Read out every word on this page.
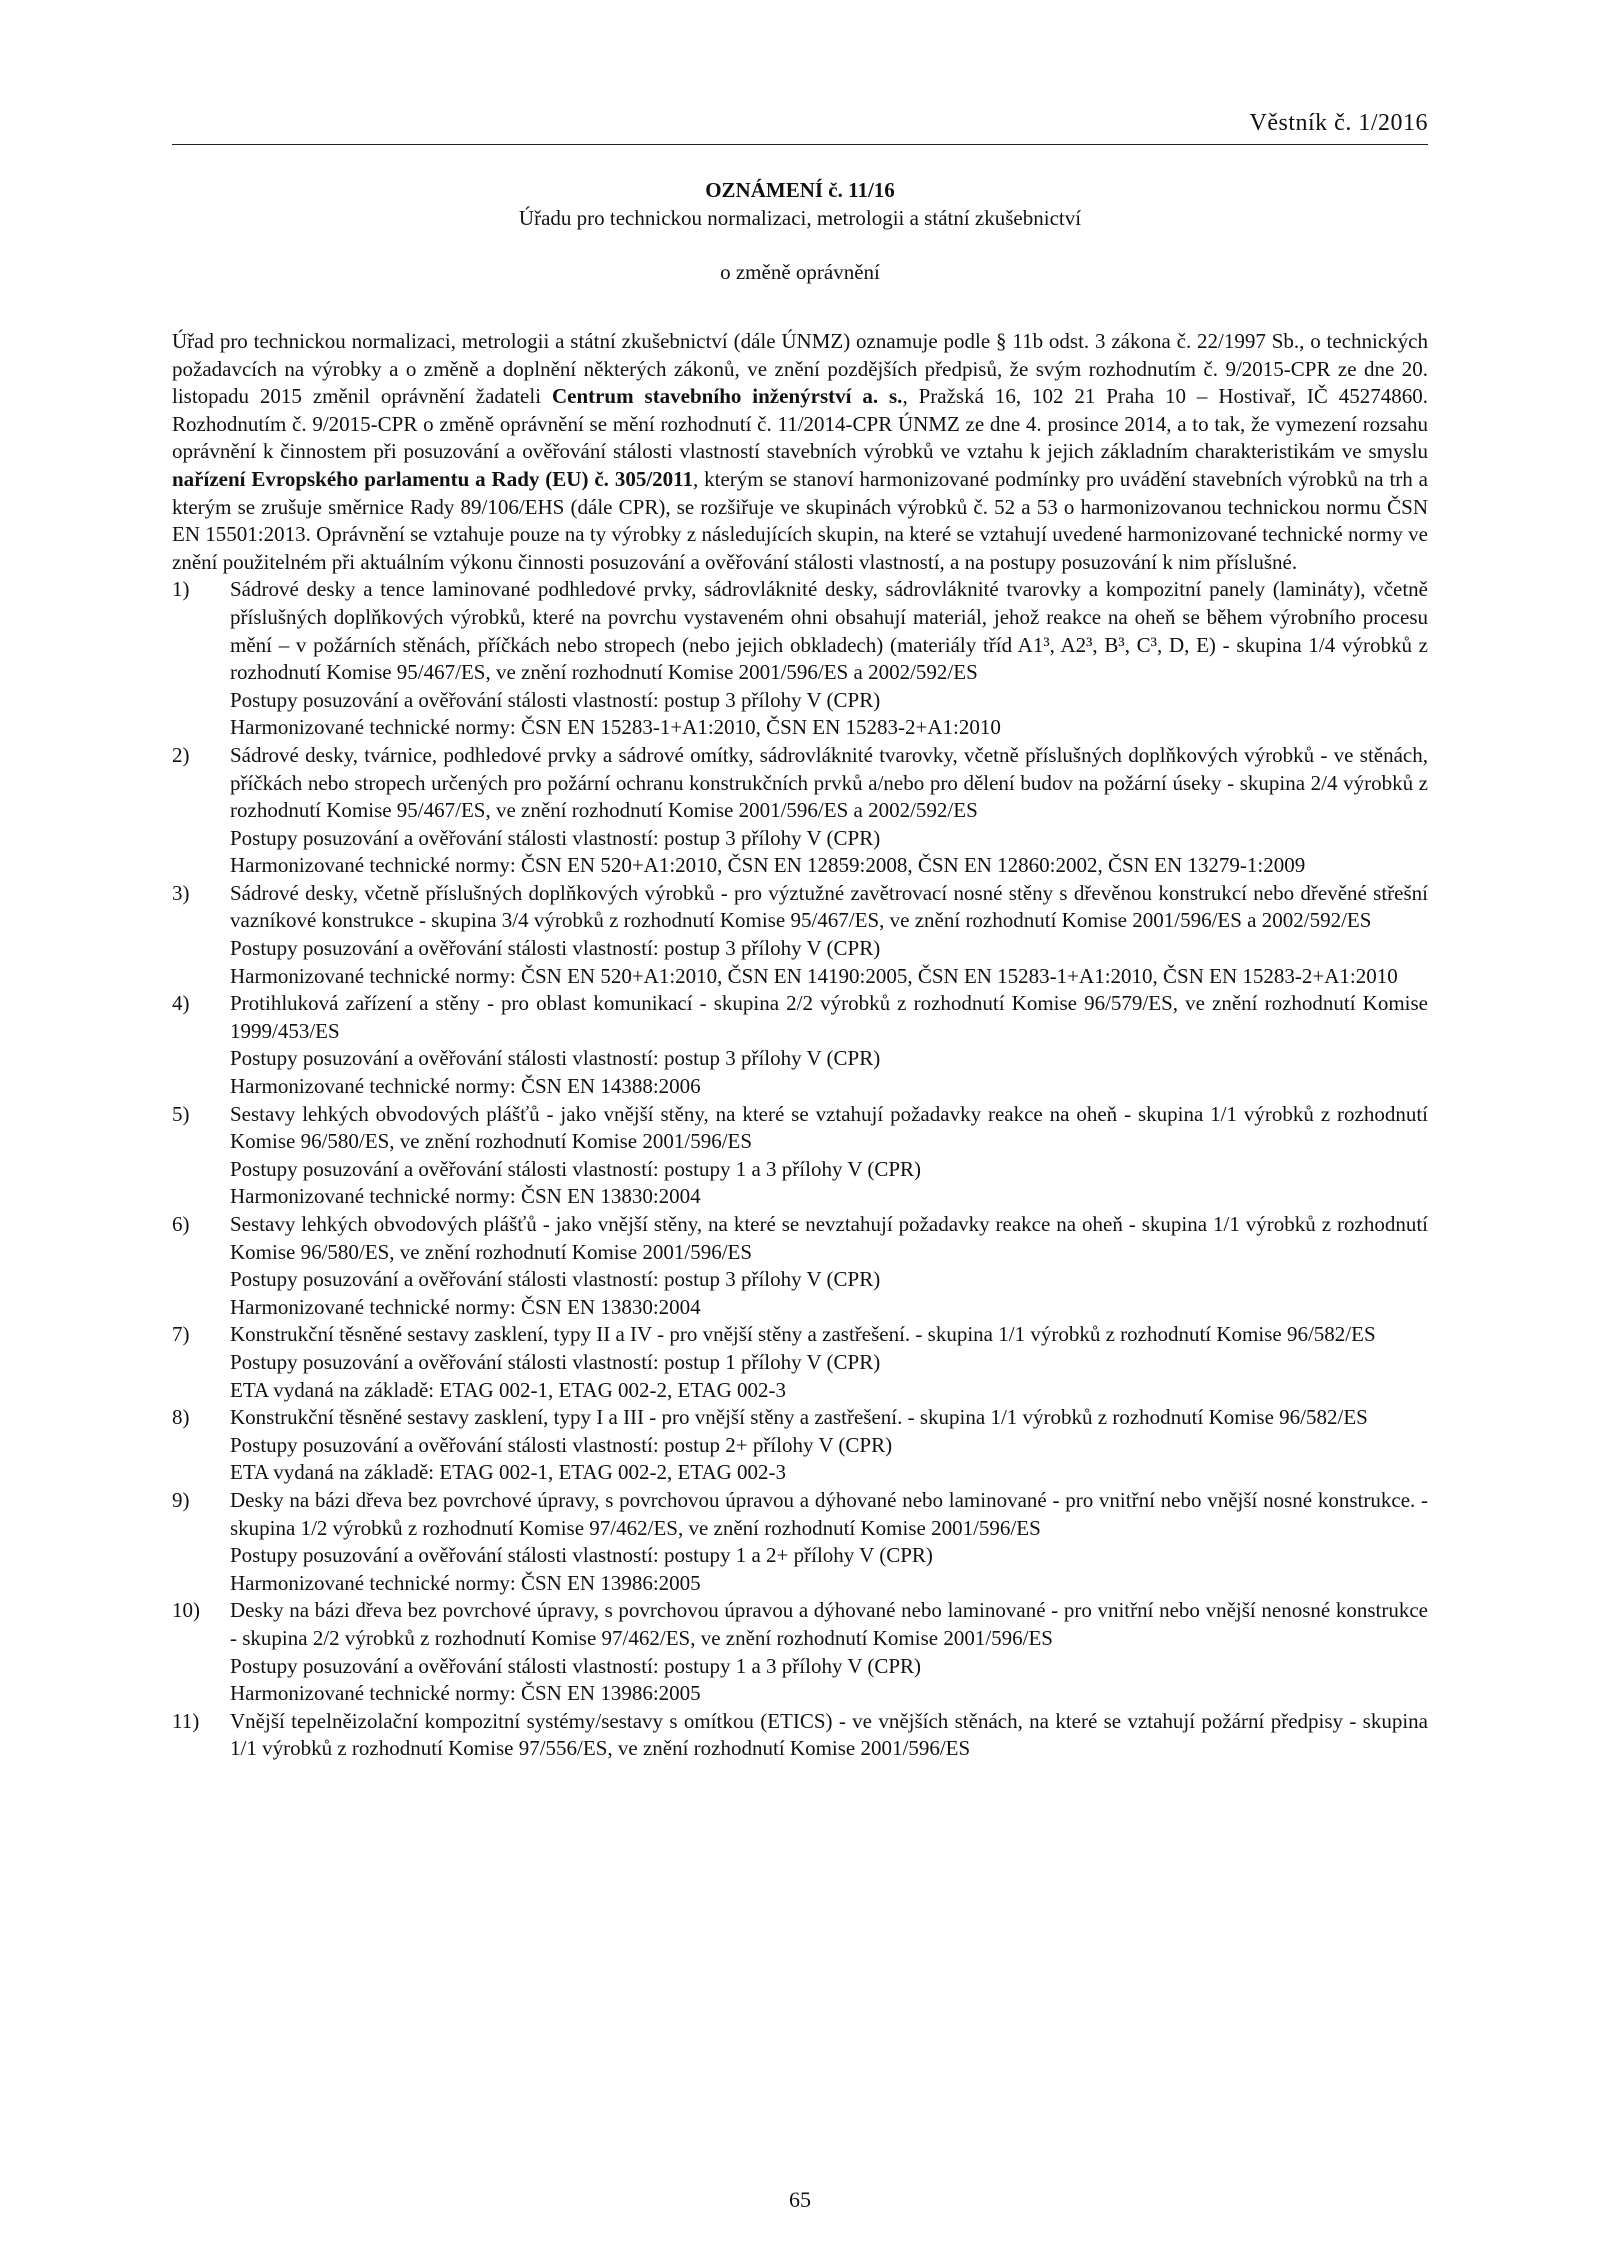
Věstník č. 1/2016
OZNÁMENÍ č. 11/16
Úřadu pro technickou normalizaci, metrologii a státní zkušebnictví
o změně oprávnění

Úřad pro technickou normalizaci, metrologii a státní zkušebnictví (dále ÚNMZ) oznamuje podle § 11b odst. 3 zákona č. 22/1997 Sb., o technických požadavcích na výrobky a o změně a doplnění některých zákonů, ve znění pozdějších předpisů, že svým rozhodnutím č. 9/2015-CPR ze dne 20. listopadu 2015 změnil oprávnění žadateli Centrum stavebního inženýrství a. s., Pražská 16, 102 21 Praha 10 – Hostivař, IČ 45274860. Rozhodnutím č. 9/2015-CPR o změně oprávnění se mění rozhodnutí č. 11/2014-CPR ÚNMZ ze dne 4. prosince 2014, a to tak, že vymezení rozsahu oprávnění k činnostem při posuzování a ověřování stálosti vlastností stavebních výrobků ve vztahu k jejich základním charakteristikám ve smyslu nařízení Evropského parlamentu a Rady (EU) č. 305/2011, kterým se stanoví harmonizované podmínky pro uvádění stavebních výrobků na trh a kterým se zrušuje směrnice Rady 89/106/EHS (dále CPR), se rozšiřuje ve skupinách výrobků č. 52 a 53 o harmonizovanou technickou normu ČSN EN 15501:2013. Oprávnění se vztahuje pouze na ty výrobky z následujících skupin, na které se vztahují uvedené harmonizované technické normy ve znění použitelném při aktuálním výkonu činnosti posuzování a ověřování stálosti vlastností, a na postupy posuzování k nim příslušné.

1) Sádrové desky a tence laminované podhledové prvky, sádrovláknité desky, sádrovláknité tvarovky a kompozitní panely (lamináty), včetně příslušných doplňkových výrobků, které na povrchu vystaveném ohni obsahují materiál, jehož reakce na oheň se během výrobního procesu mění – v požárních stěnách, příčkách nebo stropech (nebo jejich obkladech) (materiály tříd A1³, A2³, B³, C³, D, E) - skupina 1/4 výrobků z rozhodnutí Komise 95/467/ES, ve znění rozhodnutí Komise 2001/596/ES a 2002/592/ES
Postupy posuzování a ověřování stálosti vlastností: postup 3 přílohy V (CPR)
Harmonizované technické normy: ČSN EN 15283-1+A1:2010, ČSN EN 15283-2+A1:2010
2) Sádrové desky, tvárnice, podhledové prvky a sádrové omítky, sádrovláknité tvarovky, včetně příslušných doplňkových výrobků - ve stěnách, příčkách nebo stropech určených pro požární ochranu konstrukčních prvků a/nebo pro dělení budov na požární úseky - skupina 2/4 výrobků z rozhodnutí Komise 95/467/ES, ve znění rozhodnutí Komise 2001/596/ES a 2002/592/ES
Postupy posuzování a ověřování stálosti vlastností: postup 3 přílohy V (CPR)
Harmonizované technické normy: ČSN EN 520+A1:2010, ČSN EN 12859:2008, ČSN EN 12860:2002, ČSN EN 13279-1:2009
3) Sádrové desky, včetně příslušných doplňkových výrobků - pro výztužné zavětrovací nosné stěny s dřevěnou konstrukcí nebo dřevěné střešní vazníkové konstrukce - skupina 3/4 výrobků z rozhodnutí Komise 95/467/ES, ve znění rozhodnutí Komise 2001/596/ES a 2002/592/ES
Postupy posuzování a ověřování stálosti vlastností: postup 3 přílohy V (CPR)
Harmonizované technické normy: ČSN EN 520+A1:2010, ČSN EN 14190:2005, ČSN EN 15283-1+A1:2010, ČSN EN 15283-2+A1:2010
4) Protihluková zařízení a stěny - pro oblast komunikací - skupina 2/2 výrobků z rozhodnutí Komise 96/579/ES, ve znění rozhodnutí Komise 1999/453/ES
Postupy posuzování a ověřování stálosti vlastností: postup 3 přílohy V (CPR)
Harmonizované technické normy: ČSN EN 14388:2006
5) Sestavy lehkých obvodových plášťů - jako vnější stěny, na které se vztahují požadavky reakce na oheň - skupina 1/1 výrobků z rozhodnutí Komise 96/580/ES, ve znění rozhodnutí Komise 2001/596/ES
Postupy posuzování a ověřování stálosti vlastností: postupy 1 a 3 přílohy V (CPR)
Harmonizované technické normy: ČSN EN 13830:2004
6) Sestavy lehkých obvodových plášťů - jako vnější stěny, na které se nevztahují požadavky reakce na oheň - skupina 1/1 výrobků z rozhodnutí Komise 96/580/ES, ve znění rozhodnutí Komise 2001/596/ES
Postupy posuzování a ověřování stálosti vlastností: postup 3 přílohy V (CPR)
Harmonizované technické normy: ČSN EN 13830:2004
7) Konstrukční těsněné sestavy zasklení, typy II a IV - pro vnější stěny a zastřešení. - skupina 1/1 výrobků z rozhodnutí Komise 96/582/ES
Postupy posuzování a ověřování stálosti vlastností: postup 1 přílohy V (CPR)
ETA vydaná na základě: ETAG 002-1, ETAG 002-2, ETAG 002-3
8) Konstrukční těsněné sestavy zasklení, typy I a III - pro vnější stěny a zastřešení. - skupina 1/1 výrobků z rozhodnutí Komise 96/582/ES
Postupy posuzování a ověřování stálosti vlastností: postup 2+ přílohy V (CPR)
ETA vydaná na základě: ETAG 002-1, ETAG 002-2, ETAG 002-3
9) Desky na bázi dřeva bez povrchové úpravy, s povrchovou úpravou a dýhované nebo laminované - pro vnitřní nebo vnější nosné konstrukce. - skupina 1/2 výrobků z rozhodnutí Komise 97/462/ES, ve znění rozhodnutí Komise 2001/596/ES
Postupy posuzování a ověřování stálosti vlastností: postupy 1 a 2+ přílohy V (CPR)
Harmonizované technické normy: ČSN EN 13986:2005
10) Desky na bázi dřeva bez povrchové úpravy, s povrchovou úpravou a dýhované nebo laminované - pro vnitřní nebo vnější nenosné konstrukce - skupina 2/2 výrobků z rozhodnutí Komise 97/462/ES, ve znění rozhodnutí Komise 2001/596/ES
Postupy posuzování a ověřování stálosti vlastností: postupy 1 a 3 přílohy V (CPR)
Harmonizované technické normy: ČSN EN 13986:2005
11) Vnější tepelněizolační kompozitní systémy/sestavy s omítkou (ETICS) - ve vnějších stěnách, na které se vztahují požární předpisy - skupina 1/1 výrobků z rozhodnutí Komise 97/556/ES, ve znění rozhodnutí Komise 2001/596/ES
65
